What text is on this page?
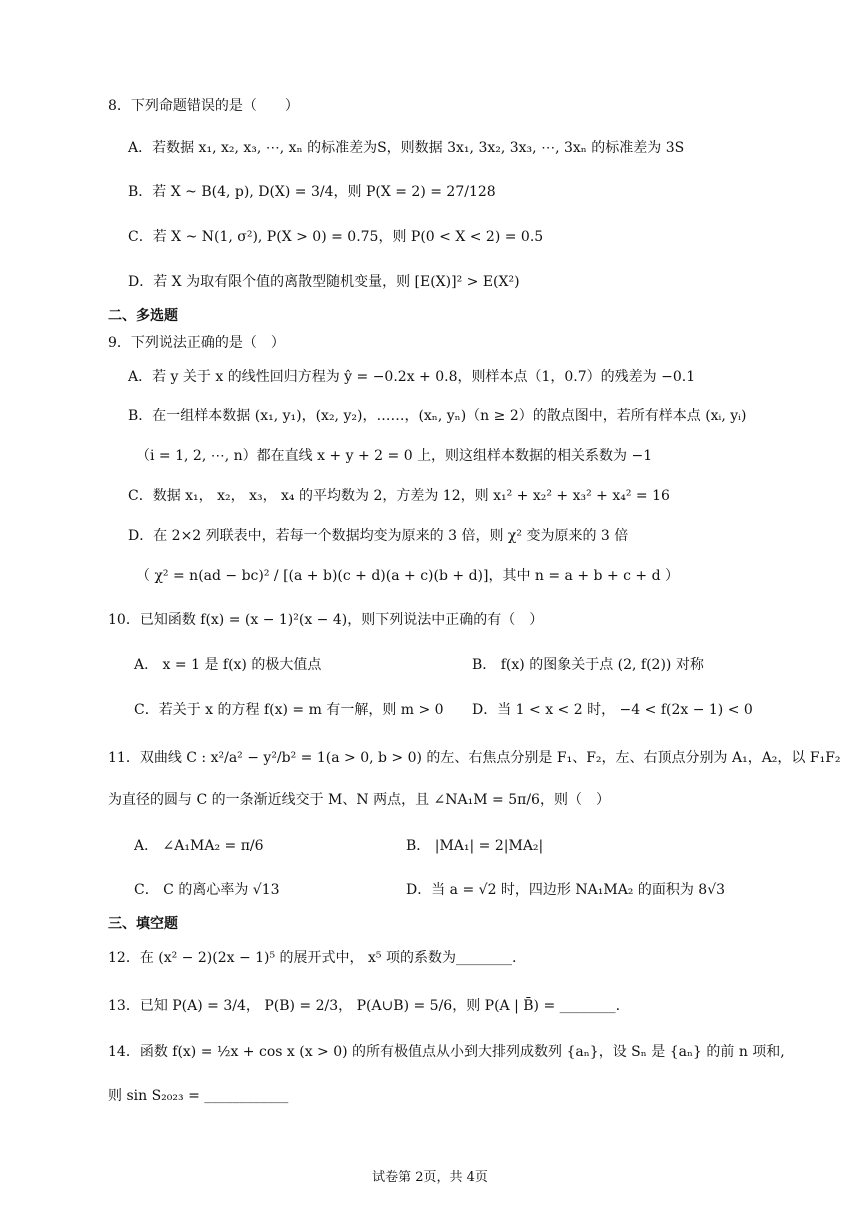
8．下列命题错误的是（　　）
A．若数据 x₁, x₂, x₃, ⋯, xₙ 的标准差为S，则数据 3x₁, 3x₂, 3x₃, ⋯, 3xₙ 的标准差为 3S
B．若 X ~ B(4, p), D(X) = 3/4，则 P(X = 2) = 27/128
C．若 X ~ N(1, σ²), P(X > 0) = 0.75，则 P(0 < X < 2) = 0.5
D．若 X 为取有限个值的离散型随机变量，则 [E(X)]² > E(X²)
二、多选题
9．下列说法正确的是（　）
A．若 y 关于 x 的线性回归方程为 ŷ = −0.2x + 0.8，则样本点（1，0.7）的残差为 −0.1
B．在一组样本数据 (x₁, y₁)，(x₂, y₂)，……，(xₙ, yₙ)（n ≥ 2）的散点图中，若所有样本点 (xᵢ, yᵢ)
（i = 1, 2, ⋯, n）都在直线 x + y + 2 = 0 上，则这组样本数据的相关系数为 −1
C．数据 x₁， x₂， x₃， x₄ 的平均数为 2，方差为 12，则 x₁² + x₂² + x₃² + x₄² = 16
D．在 2×2 列联表中，若每一个数据均变为原来的 3 倍，则 χ² 变为原来的 3 倍
（ χ² = n(ad − bc)² / [(a + b)(c + d)(a + c)(b + d)]，其中 n = a + b + c + d ）
10．已知函数 f(x) = (x − 1)²(x − 4)，则下列说法中正确的有（　）
A． x = 1 是 f(x) 的极大值点	B． f(x) 的图象关于点 (2, f(2)) 对称
C．若关于 x 的方程 f(x) = m 有一解，则 m > 0 D．当 1 < x < 2 时， −4 < f(2x − 1) < 0
11．双曲线 C : x²/a² − y²/b² = 1(a > 0, b > 0) 的左、右焦点分别是 F₁、F₂，左、右顶点分别为 A₁，A₂，以 F₁F₂
为直径的圆与 C 的一条渐近线交于 M、N 两点，且 ∠NA₁M = 5π/6，则（　）
A． ∠A₁MA₂ = π/6	B． |MA₁| = 2|MA₂|
C． C 的离心率为 √13	D．当 a = √2 时，四边形 NA₁MA₂ 的面积为 8√3
三、填空题
12．在 (x² − 2)(2x − 1)⁵ 的展开式中， x⁵ 项的系数为________.
13．已知 P(A) = 3/4， P(B) = 2/3， P(A∪B) = 5/6，则 P(A | B̄) = ________.
14．函数 f(x) = ½x + cos x (x > 0) 的所有极值点从小到大排列成数列 {aₙ}，设 Sₙ 是 {aₙ} 的前 n 项和,
则 sin S₂₀₂₃ = ____________
试卷第 2页，共 4页
